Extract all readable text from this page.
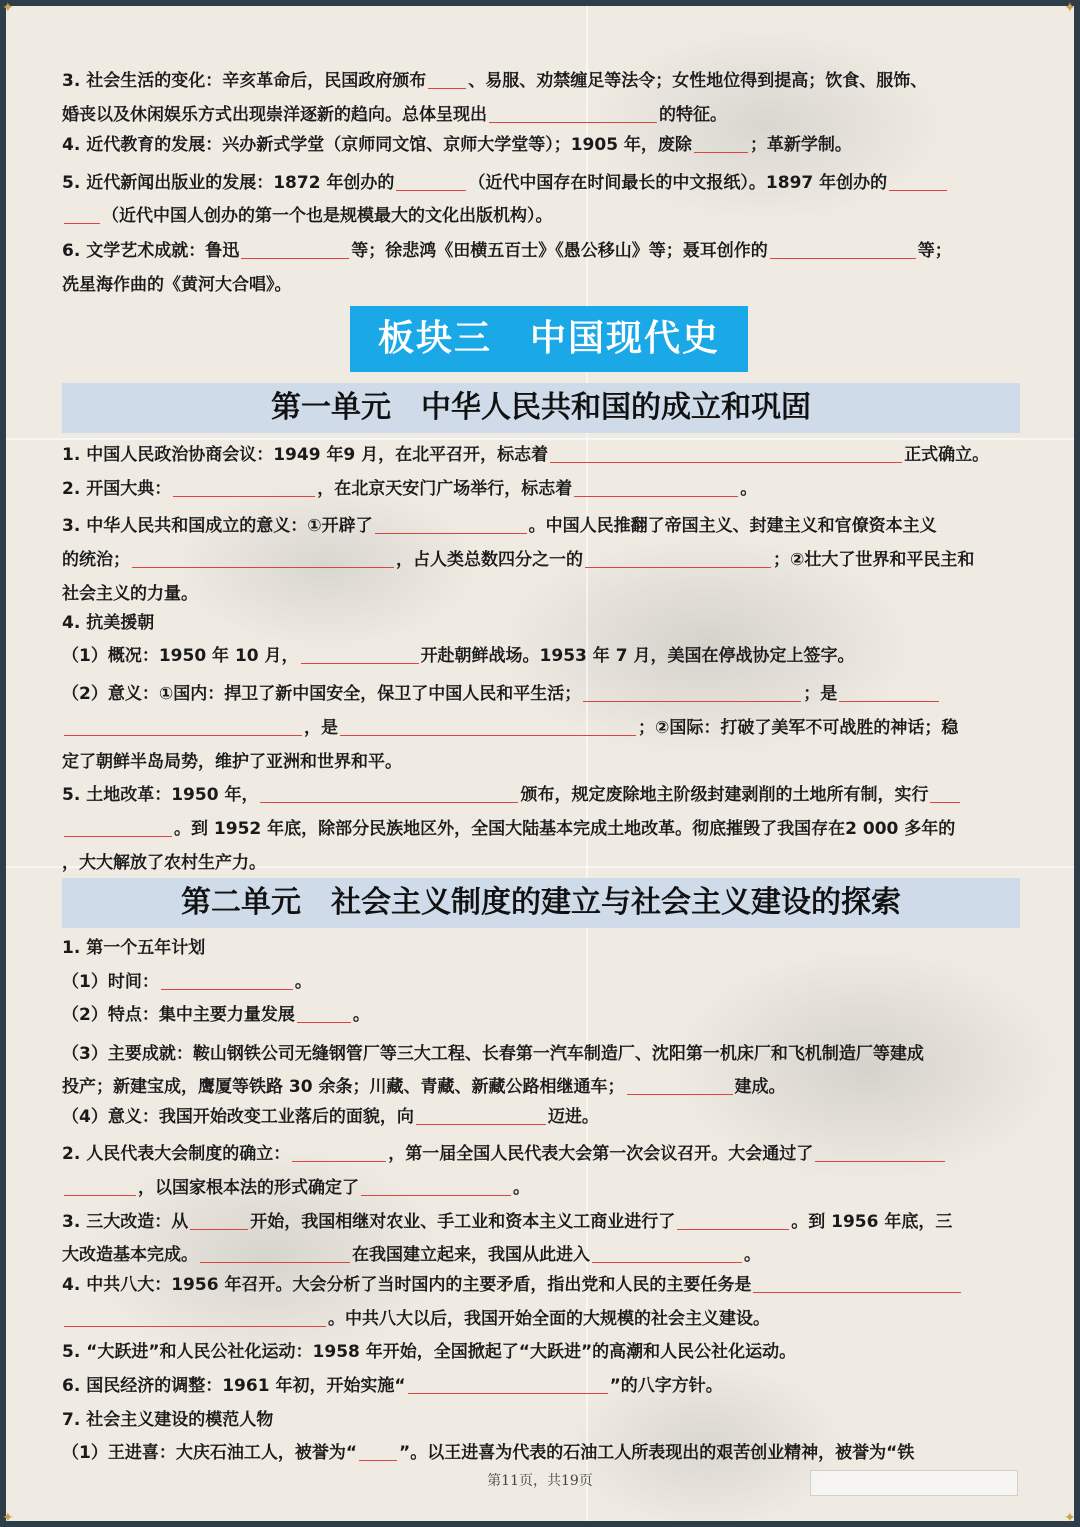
✦	✦
✦	✦
3. 社会生活的变化：辛亥革命后，民国政府颁布 、易服、劝禁缠足等法令；女性地位得到提高；饮食、服饰、
婚丧以及休闲娱乐方式出现崇洋逐新的趋向。总体呈现出	的特征。
4. 近代教育的发展：兴办新式学堂（京师同文馆、京师大学堂等）；1905 年，废除	；革新学制。
5. 近代新闻出版业的发展：1872 年创办的	（近代中国存在时间最长的中文报纸）。1897 年创办的
（近代中国人创办的第一个也是规模最大的文化出版机构）。
6. 文学艺术成就：鲁迅	等；徐悲鸿《田横五百士》《愚公移山》等；聂耳创作的	等；
冼星海作曲的《黄河大合唱》。
板块三　中国现代史
第一单元　中华人民共和国的成立和巩固
1. 中国人民政治协商会议：1949 年9 月，在北平召开，标志着	正式确立。
2. 开国大典：	，在北京天安门广场举行，标志着	。
3. 中华人民共和国成立的意义：①开辟了	。中国人民推翻了帝国主义、封建主义和官僚资本主义
的统治；	，占人类总数四分之一的	；②壮大了世界和平民主和
社会主义的力量。
4. 抗美援朝
（1）概况：1950 年 10 月，	开赴朝鲜战场。1953 年 7 月，美国在停战协定上签字。
（2）意义：①国内：捍卫了新中国安全，保卫了中国人民和平生活；	；是
，是	；②国际：打破了美军不可战胜的神话；稳
定了朝鲜半岛局势，维护了亚洲和世界和平。
5. 土地改革：1950 年，	颁布，规定废除地主阶级封建剥削的土地所有制，实行
。到 1952 年底，除部分民族地区外，全国大陆基本完成土地改革。彻底摧毁了我国存在2 000 多年的
，大大解放了农村生产力。
第二单元　社会主义制度的建立与社会主义建设的探索
1. 第一个五年计划
（1）时间：	。
（2）特点：集中主要力量发展	。
（3）主要成就：鞍山钢铁公司无缝钢管厂等三大工程、长春第一汽车制造厂、沈阳第一机床厂和飞机制造厂等建成
投产；新建宝成，鹰厦等铁路 30 余条；川藏、青藏、新藏公路相继通车；	建成。
（4）意义：我国开始改变工业落后的面貌，向	迈进。
2. 人民代表大会制度的确立：	，第一届全国人民代表大会第一次会议召开。大会通过了
，以国家根本法的形式确定了	。
3. 三大改造：从	开始，我国相继对农业、手工业和资本主义工商业进行了	。到 1956 年底，三
大改造基本完成。	在我国建立起来，我国从此进入	。
4. 中共八大：1956 年召开。大会分析了当时国内的主要矛盾，指出党和人民的主要任务是
。中共八大以后，我国开始全面的大规模的社会主义建设。
5. “大跃进”和人民公社化运动：1958 年开始，全国掀起了“大跃进”的高潮和人民公社化运动。
6. 国民经济的调整：1961 年初，开始实施“	”的八字方针。
7. 社会主义建设的模范人物
（1）王进喜：大庆石油工人，被誉为“ ”。以王进喜为代表的石油工人所表现出的艰苦创业精神，被誉为“铁
第11页，共19页
